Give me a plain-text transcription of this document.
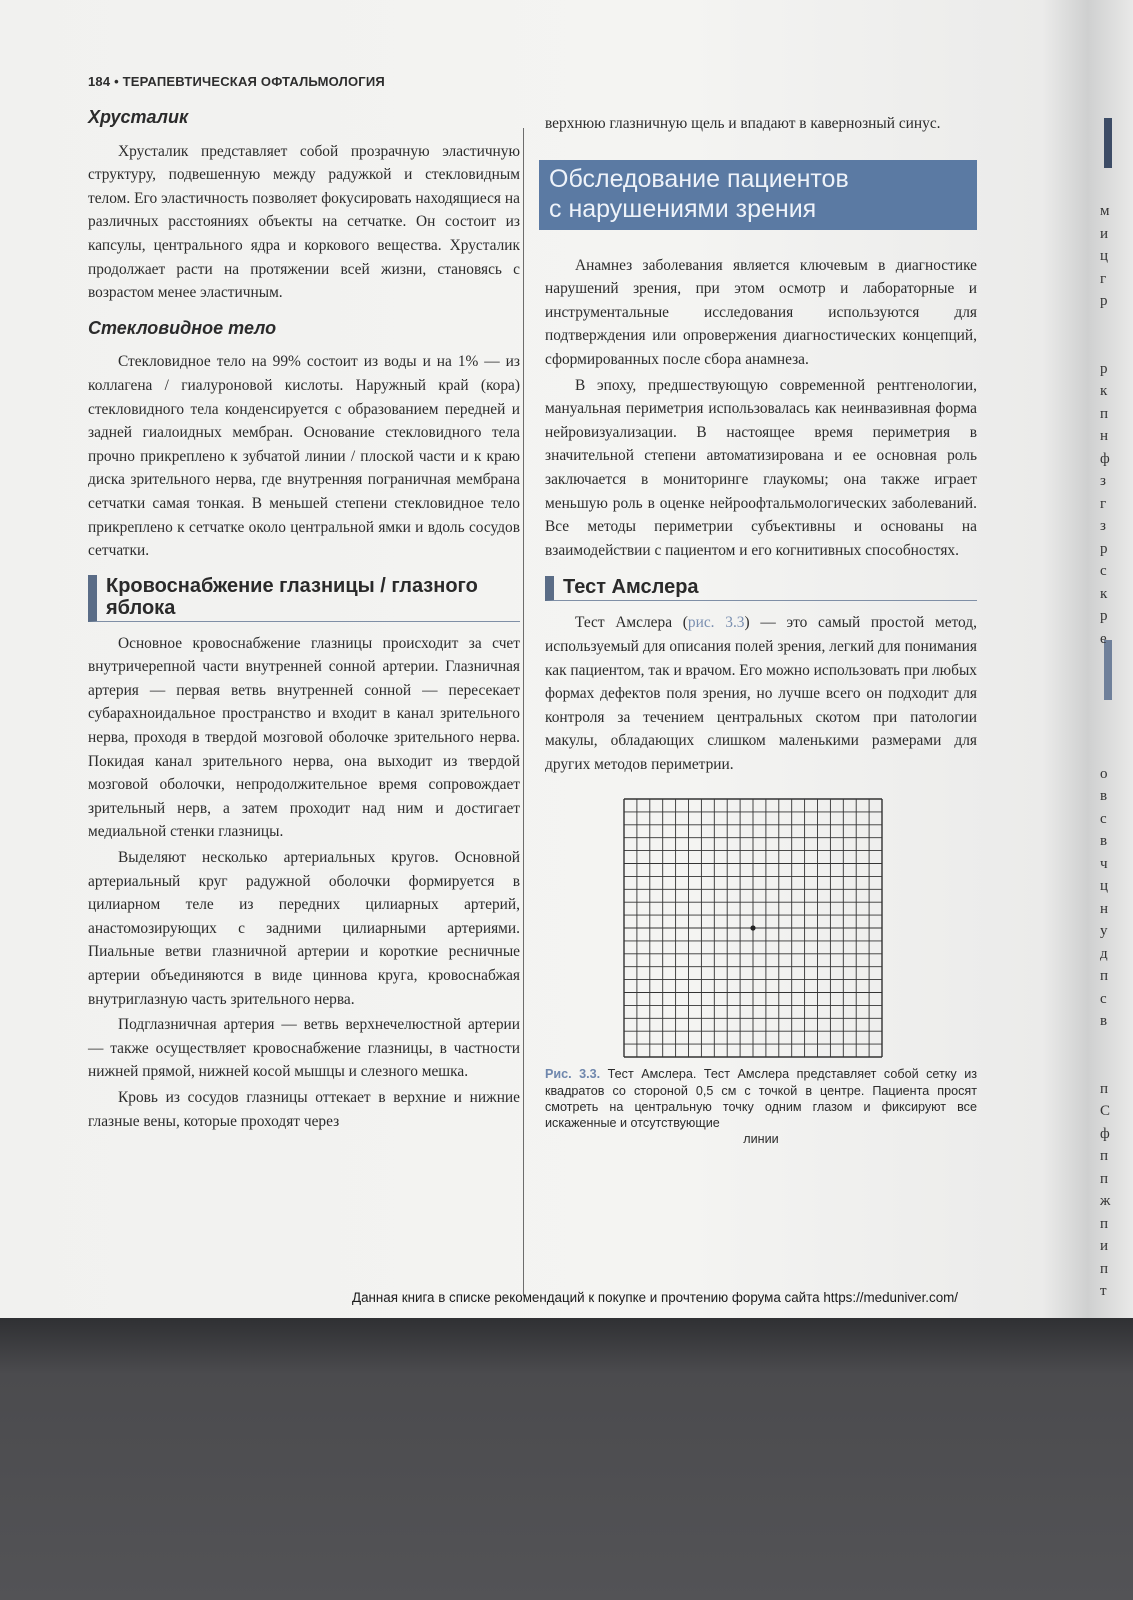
184 • ТЕРАПЕВТИЧЕСКАЯ ОФТАЛЬМОЛОГИЯ
Хрусталик

Хрусталик представляет собой прозрачную эластичную структуру, подвешенную между радужкой и стекловидным телом. Его эластичность позволяет фокусировать находящиеся на различных расстояниях объекты на сетчатке. Он состоит из капсулы, центрального ядра и коркового вещества. Хрусталик продолжает расти на протяжении всей жизни, становясь с возрастом менее эластичным.

Стекловидное тело

Стекловидное тело на 99% состоит из воды и на 1% — из коллагена / гиалуроновой кислоты. Наружный край (кора) стекловидного тела конденсируется с образованием передней и задней гиалоидных мембран. Основание стекловидного тела прочно прикреплено к зубчатой линии / плоской части и к краю диска зрительного нерва, где внутренняя пограничная мембрана сетчатки самая тонкая. В меньшей степени стекловидное тело прикреплено к сетчатке около центральной ямки и вдоль сосудов сетчатки.

Кровоснабжение глазницы / глазного яблока

Основное кровоснабжение глазницы происходит за счет внутричерепной части внутренней сонной артерии. Глазничная артерия — первая ветвь внутренней сонной — пересекает субарахноидальное пространство и входит в канал зрительного нерва, проходя в твердой мозговой оболочке зрительного нерва. Покидая канал зрительного нерва, она выходит из твердой мозговой оболочки, непродолжительное время сопровождает зрительный нерв, а затем проходит над ним и достигает медиальной стенки глазницы.

Выделяют несколько артериальных кругов. Основной артериальный круг радужной оболочки формируется в цилиарном теле из передних цилиарных артерий, анастомозирующих с задними цилиарными артериями. Пиальные ветви глазничной артерии и короткие ресничные артерии объединяются в виде циннова круга, кровоснабжая внутриглазную часть зрительного нерва.

Подглазничная артерия — ветвь верхнечелюстной артерии — также осуществляет кровоснабжение глазницы, в частности нижней прямой, нижней косой мышцы и слезного мешка.

Кровь из сосудов глазницы оттекает в верхние и нижние глазные вены, которые проходят через

верхнюю глазничную щель и впадают в кавернозный синус.

Обследование пациентов
с нарушениями зрения

Анамнез заболевания является ключевым в диагностике нарушений зрения, при этом осмотр и лабораторные и инструментальные исследования используются для подтверждения или опровержения диагностических концепций, сформированных после сбора анамнеза.

В эпоху, предшествующую современной рентгенологии, мануальная периметрия использовалась как неинвазивная форма нейровизуализации. В настоящее время периметрия в значительной степени автоматизирована и ее основная роль заключается в мониторинге глаукомы; она также играет меньшую роль в оценке нейроофтальмологических заболеваний. Все методы периметрии субъективны и основаны на взаимодействии с пациентом и его когнитивных способностях.

Тест Амслера

Тест Амслера (рис. 3.3) — это самый простой метод, используемый для описания полей зрения, легкий для понимания как пациентом, так и врачом. Его можно использовать при любых формах дефектов поля зрения, но лучше всего он подходит для контроля за течением центральных скотом при патологии макулы, обладающих слишком маленькими размерами для других методов периметрии.

Рис. 3.3. Тест Амслера. Тест Амслера представляет собой сетку из квадратов со стороной 0,5 см с точкой в центре. Пациента просят смотреть на центральную точку одним глазом и фиксируют все искаженные и отсутствующие
линии
м
и
ц
г
р
р
к
п
н
ф
з
г
з
р
с
к
р
е
о
в
с
в
ч
ц
н
у
д
п
с
в
п
С
ф
п
п
ж
п
и
п
т
Данная книга в списке рекомендаций к покупке и прочтению форума сайта https://meduniver.com/
